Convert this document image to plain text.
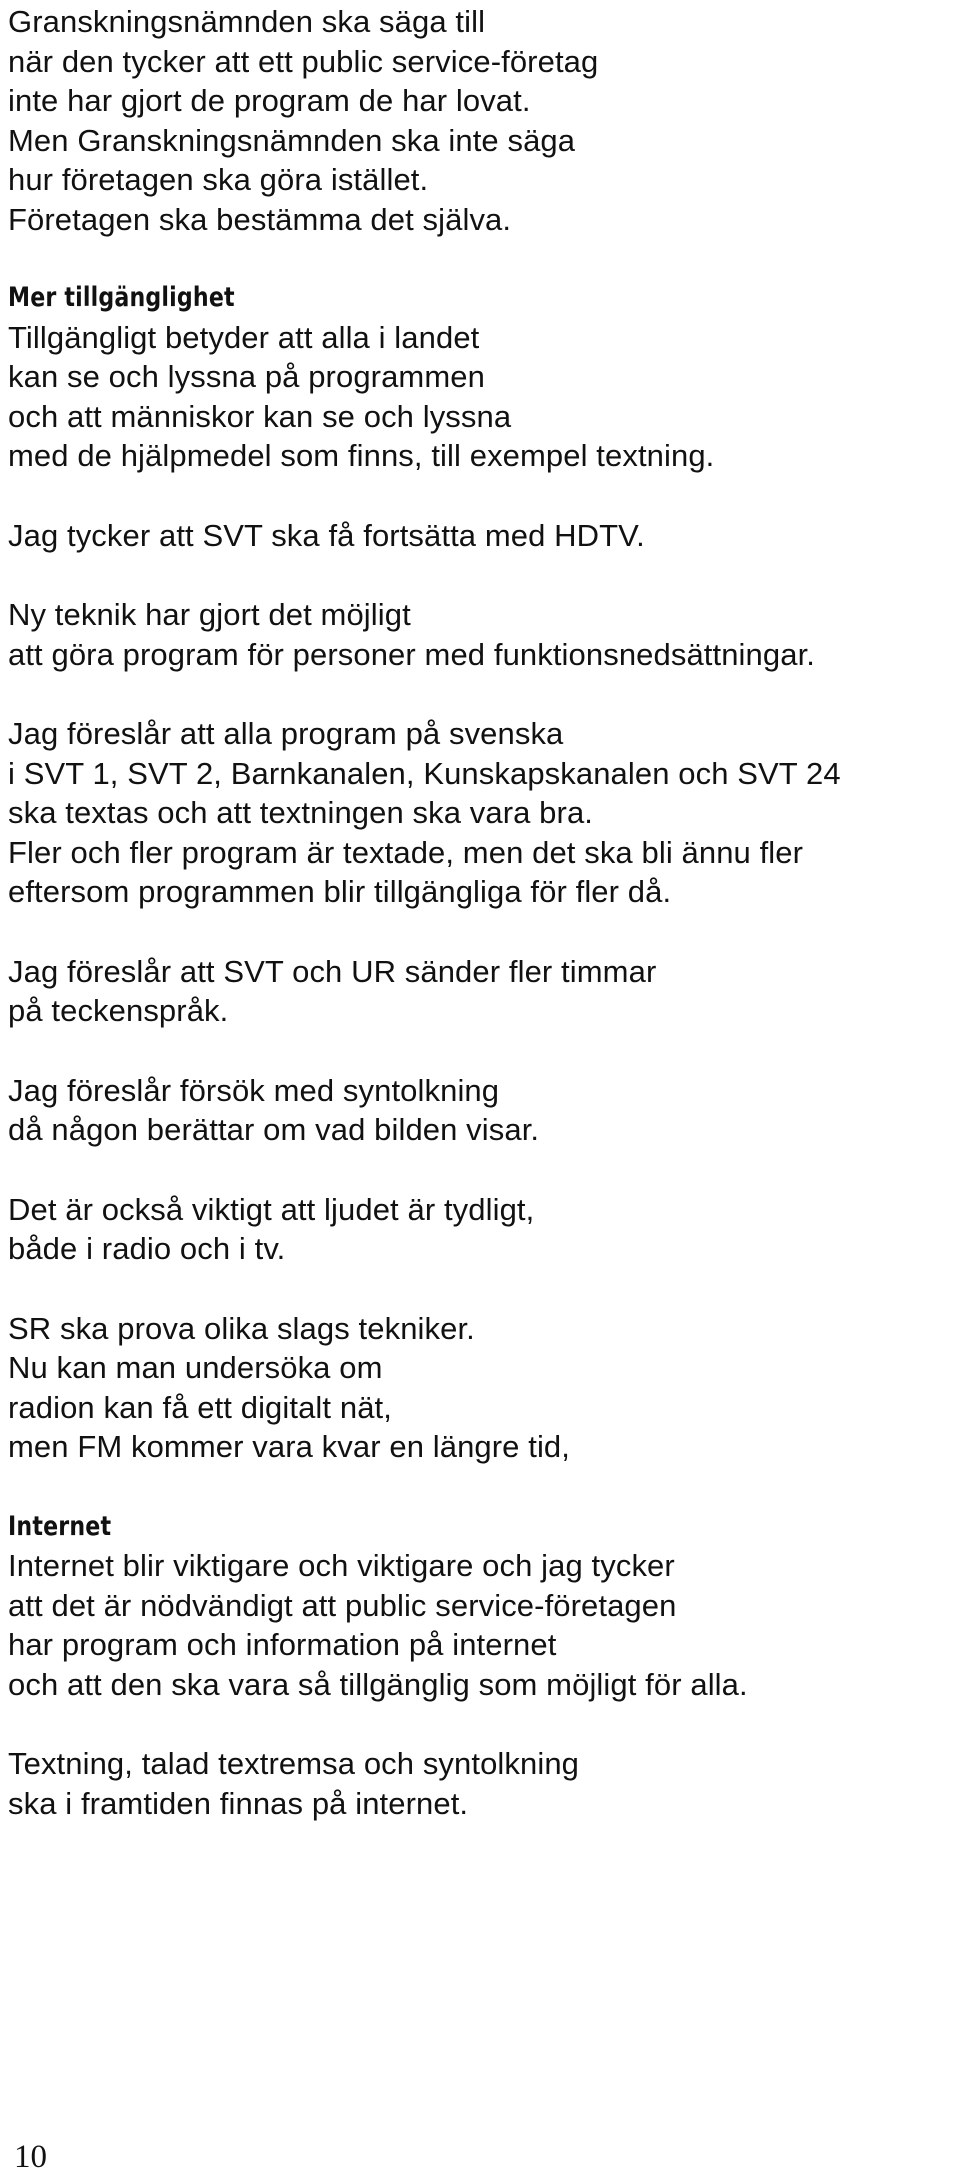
Granskningsnämnden ska säga till
när den tycker att ett public service-företag
inte har gjort de program de har lovat.
Men Granskningsnämnden ska inte säga
hur företagen ska göra istället.
Företagen ska bestämma det själva.
Mer tillgänglighet
Tillgängligt betyder att alla i landet
kan se och lyssna på programmen
och att människor kan se och lyssna
med de hjälpmedel som finns, till exempel textning.
Jag tycker att SVT ska få fortsätta med HDTV.
Ny teknik har gjort det möjligt
att göra program för personer med funktionsnedsättningar.
Jag föreslår att alla program på svenska
i SVT 1, SVT 2, Barnkanalen, Kunskapskanalen och SVT 24
ska textas och att textningen ska vara bra.
Fler och fler program är textade, men det ska bli ännu fler
eftersom programmen blir tillgängliga för fler då.
Jag föreslår att SVT och UR sänder fler timmar
på teckenspråk.
Jag föreslår försök med syntolkning
då någon berättar om vad bilden visar.
Det är också viktigt att ljudet är tydligt,
både i radio och i tv.
SR ska prova olika slags tekniker.
Nu kan man undersöka om
radion kan få ett digitalt nät,
men FM kommer vara kvar en längre tid,
Internet
Internet blir viktigare och viktigare och jag tycker
att det är nödvändigt att public service-företagen
har program och information på internet
och att den ska vara så tillgänglig som möjligt för alla.
Textning, talad textremsa och syntolkning
ska i framtiden finnas på internet.
10
